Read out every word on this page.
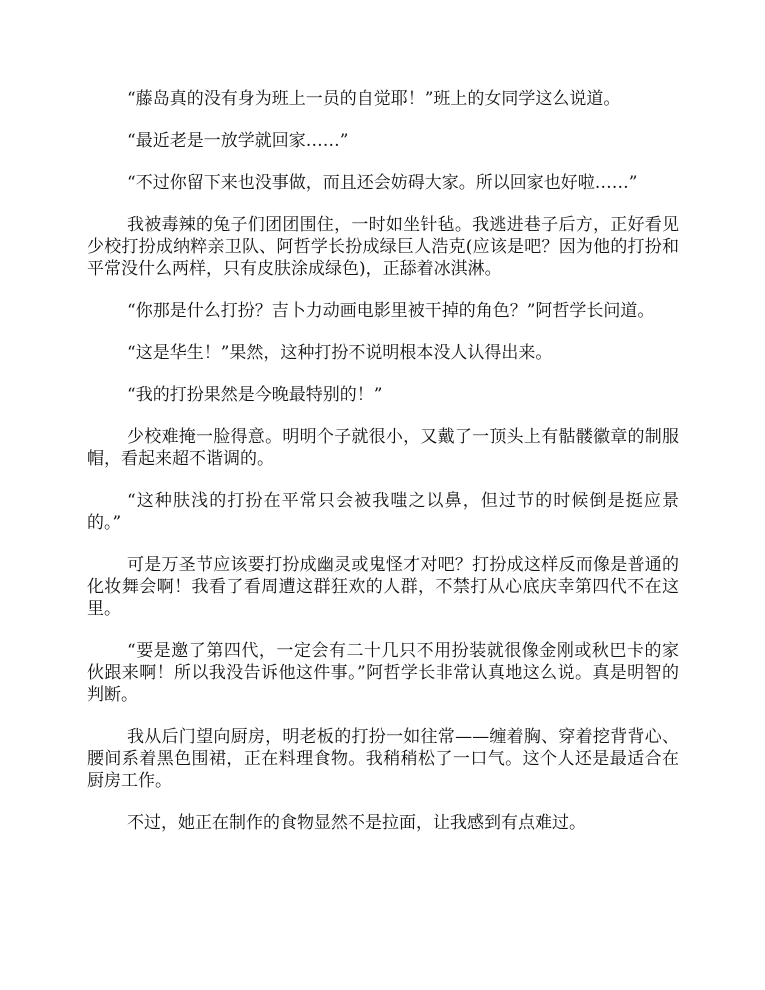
“藤岛真的没有身为班上一员的自觉耶！”班上的女同学这么说道。

“最近老是一放学就回家……”

“不过你留下来也没事做，而且还会妨碍大家。所以回家也好啦……”

我被毒辣的兔子们团团围住，一时如坐针毡。我逃进巷子后方，正好看见少校打扮成纳粹亲卫队、阿哲学长扮成绿巨人浩克(应该是吧？因为他的打扮和平常没什么两样，只有皮肤涂成绿色)，正舔着冰淇淋。

“你那是什么打扮？吉卜力动画电影里被干掉的角色？”阿哲学长问道。

“这是华生！”果然，这种打扮不说明根本没人认得出来。

“我的打扮果然是今晚最特别的！”

少校难掩一脸得意。明明个子就很小，又戴了一顶头上有骷髅徽章的制服帽，看起来超不谐调的。

“这种肤浅的打扮在平常只会被我嗤之以鼻，但过节的时候倒是挺应景的。”

可是万圣节应该要打扮成幽灵或鬼怪才对吧？打扮成这样反而像是普通的化妆舞会啊！我看了看周遭这群狂欢的人群，不禁打从心底庆幸第四代不在这里。

“要是邀了第四代，一定会有二十几只不用扮装就很像金刚或秋巴卡的家伙跟来啊！所以我没告诉他这件事。”阿哲学长非常认真地这么说。真是明智的判断。

我从后门望向厨房，明老板的打扮一如往常——缠着胸、穿着挖背背心、腰间系着黑色围裙，正在料理食物。我稍稍松了一口气。这个人还是最适合在厨房工作。

不过，她正在制作的食物显然不是拉面，让我感到有点难过。
